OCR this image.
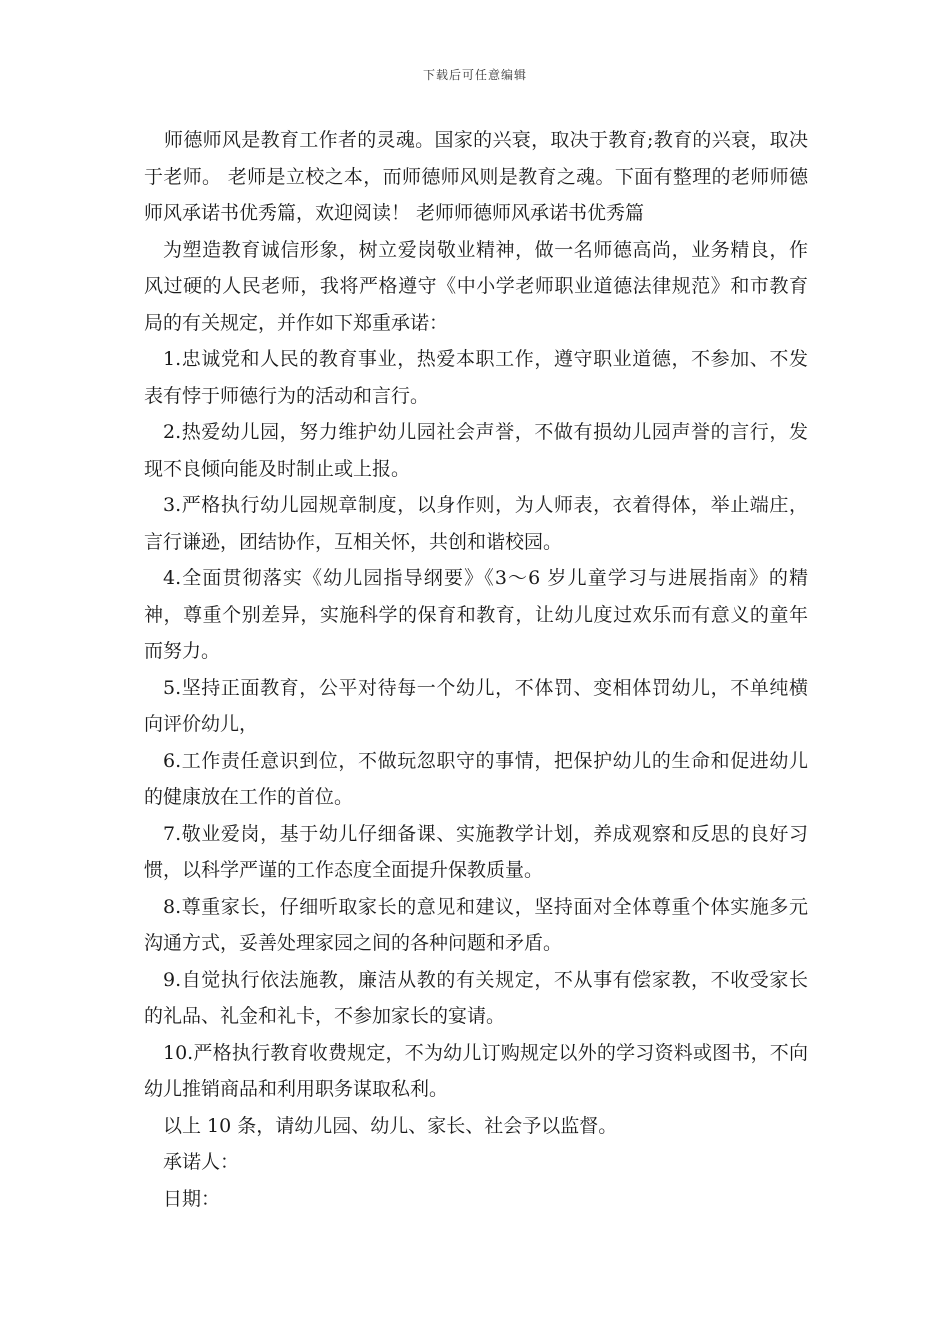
下载后可任意编辑

师德师风是教育工作者的灵魂。国家的兴衰，取决于教育;教育的兴衰，取决于老师。 老师是立校之本，而师德师风则是教育之魂。下面有整理的老师师德师风承诺书优秀篇，欢迎阅读！ 老师师德师风承诺书优秀篇

为塑造教育诚信形象，树立爱岗敬业精神，做一名师德高尚，业务精良，作风过硬的人民老师，我将严格遵守《中小学老师职业道德法律规范》和市教育局的有关规定，并作如下郑重承诺：

1.忠诚党和人民的教育事业，热爱本职工作，遵守职业道德，不参加、不发表有悖于师德行为的活动和言行。

2.热爱幼儿园，努力维护幼儿园社会声誉，不做有损幼儿园声誉的言行，发现不良倾向能及时制止或上报。

3.严格执行幼儿园规章制度，以身作则，为人师表，衣着得体，举止端庄，言行谦逊，团结协作，互相关怀，共创和谐校园。

4.全面贯彻落实《幼儿园指导纲要》《3～6 岁儿童学习与进展指南》的精神，尊重个别差异，实施科学的保育和教育，让幼儿度过欢乐而有意义的童年而努力。

5.坚持正面教育，公平对待每一个幼儿，不体罚、变相体罚幼儿，不单纯横向评价幼儿，

6.工作责任意识到位，不做玩忽职守的事情，把保护幼儿的生命和促进幼儿的健康放在工作的首位。

7.敬业爱岗，基于幼儿仔细备课、实施教学计划，养成观察和反思的良好习惯，以科学严谨的工作态度全面提升保教质量。

8.尊重家长，仔细听取家长的意见和建议，坚持面对全体尊重个体实施多元沟通方式，妥善处理家园之间的各种问题和矛盾。

9.自觉执行依法施教，廉洁从教的有关规定，不从事有偿家教，不收受家长的礼品、礼金和礼卡，不参加家长的宴请。

10.严格执行教育收费规定，不为幼儿订购规定以外的学习资料或图书，不向幼儿推销商品和利用职务谋取私利。

以上 10 条，请幼儿园、幼儿、家长、社会予以监督。

承诺人：

日期：
